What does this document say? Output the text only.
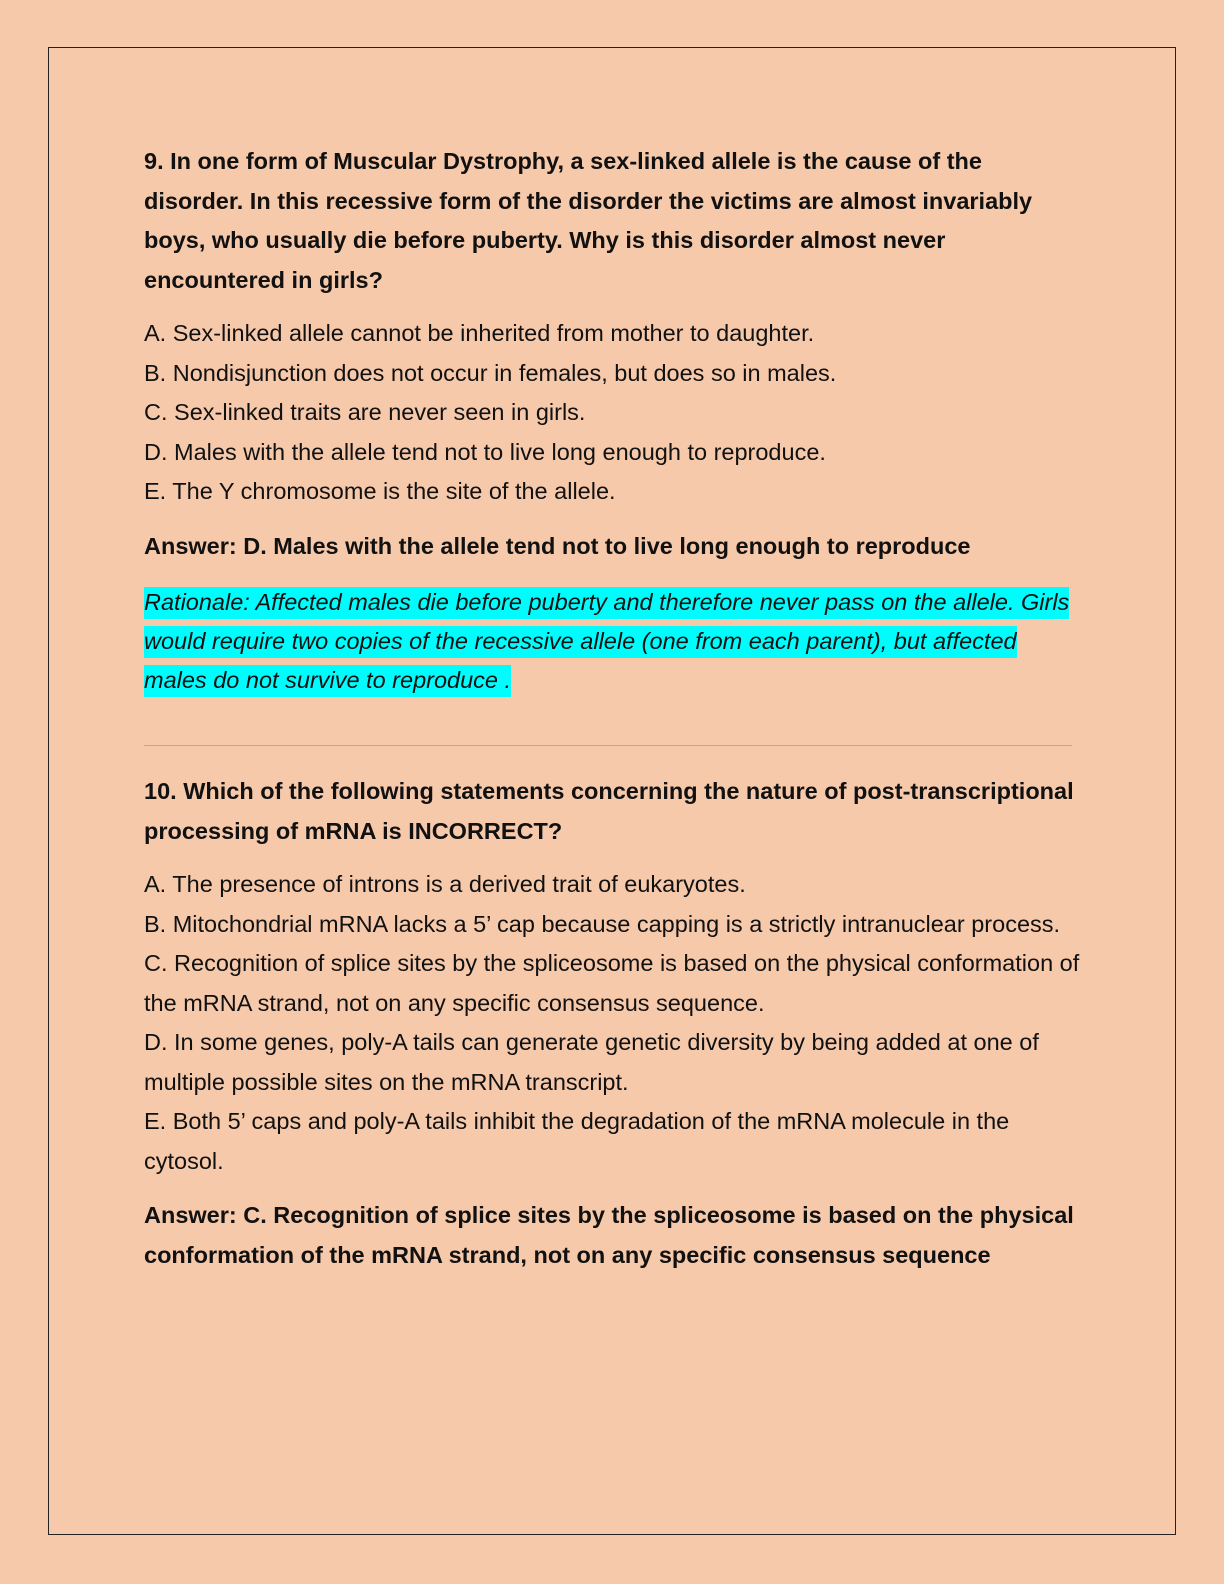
9. In one form of Muscular Dystrophy, a sex-linked allele is the cause of the disorder. In this recessive form of the disorder the victims are almost invariably boys, who usually die before puberty. Why is this disorder almost never encountered in girls?

A. Sex-linked allele cannot be inherited from mother to daughter.
B. Nondisjunction does not occur in females, but does so in males.
C. Sex-linked traits are never seen in girls.
D. Males with the allele tend not to live long enough to reproduce.
E. The Y chromosome is the site of the allele.

Answer: D. Males with the allele tend not to live long enough to reproduce

Rationale: Affected males die before puberty and therefore never pass on the allele. Girls would require two copies of the recessive allele (one from each parent), but affected males do not survive to reproduce .

10. Which of the following statements concerning the nature of post-transcriptional processing of mRNA is INCORRECT?

A. The presence of introns is a derived trait of eukaryotes.
B. Mitochondrial mRNA lacks a 5’ cap because capping is a strictly intranuclear process.
C. Recognition of splice sites by the spliceosome is based on the physical conformation of the mRNA strand, not on any specific consensus sequence.
D. In some genes, poly-A tails can generate genetic diversity by being added at one of multiple possible sites on the mRNA transcript.
E. Both 5’ caps and poly-A tails inhibit the degradation of the mRNA molecule in the cytosol.

Answer: C. Recognition of splice sites by the spliceosome is based on the physical conformation of the mRNA strand, not on any specific consensus sequence
